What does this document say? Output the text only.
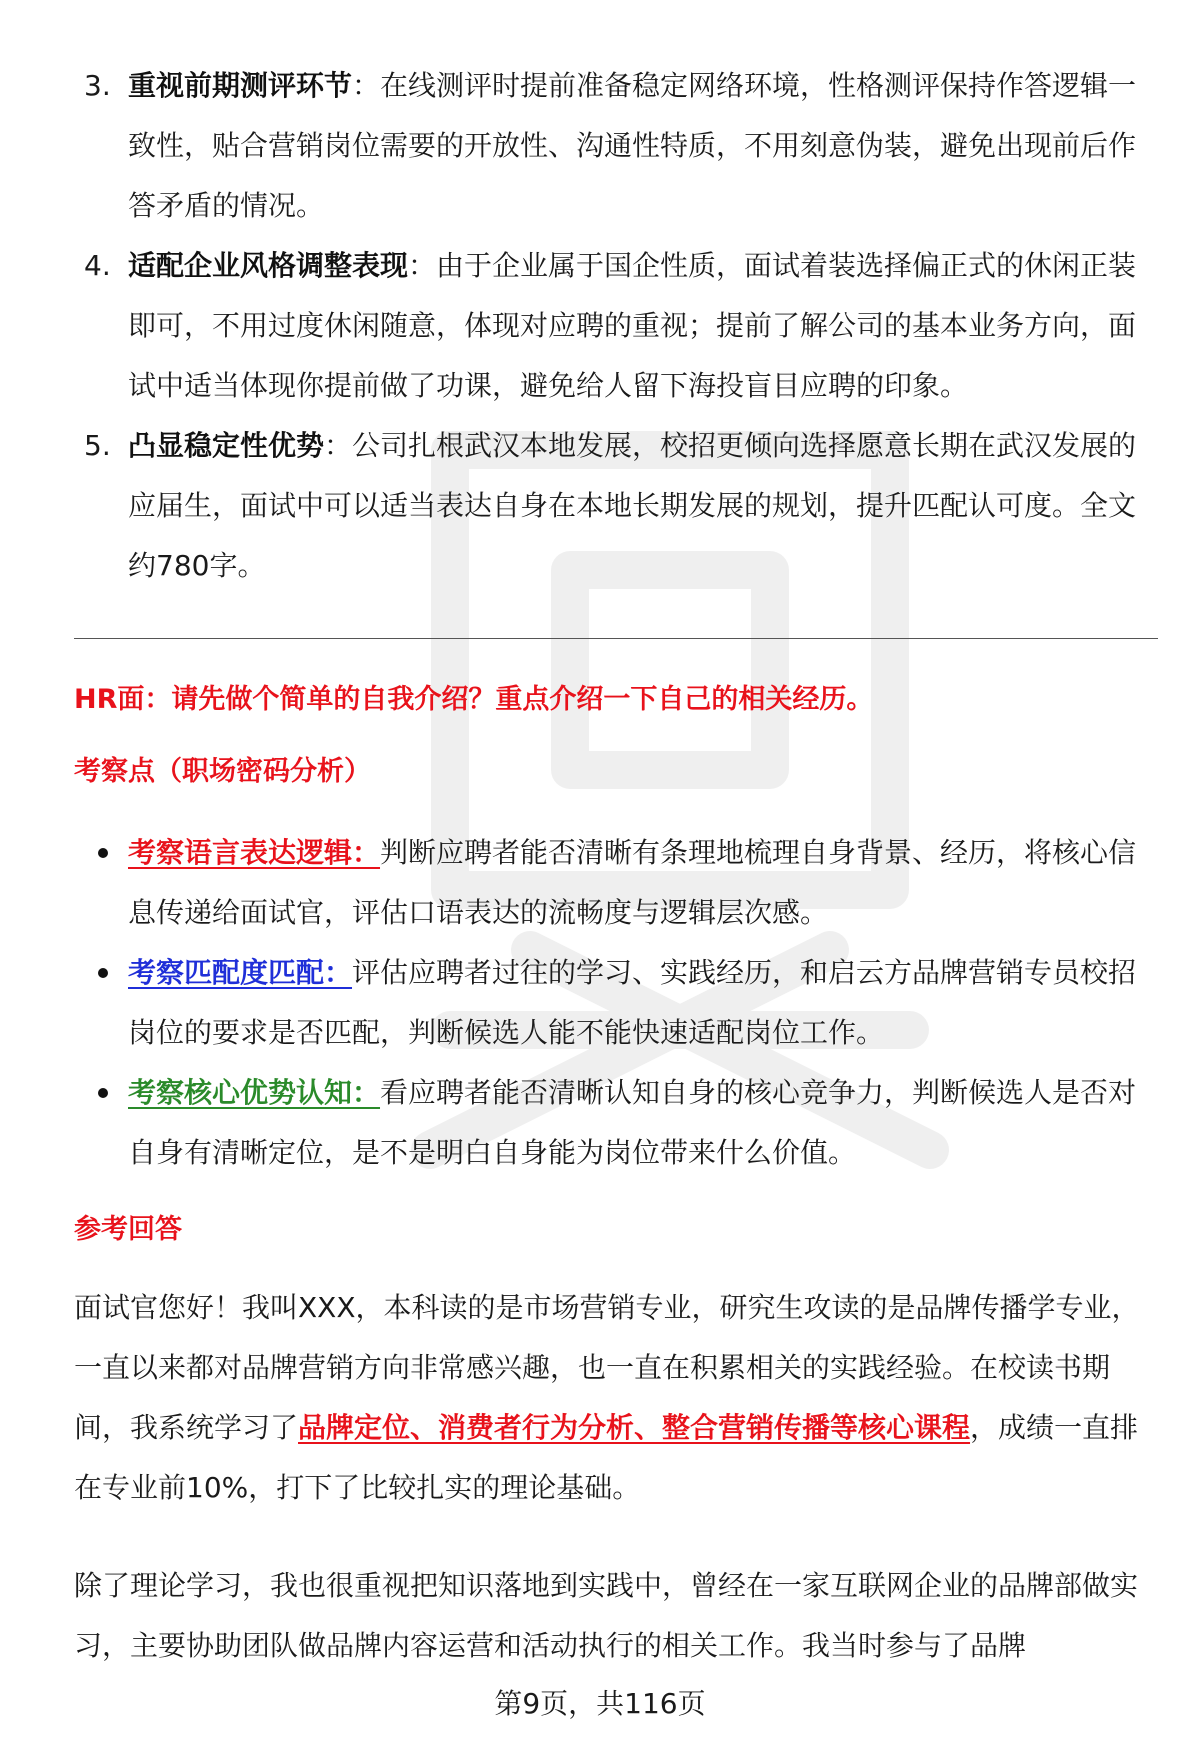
3. 重视前期测评环节：在线测评时提前准备稳定网络环境，性格测评保持作答逻辑一致性，贴合营销岗位需要的开放性、沟通性特质，不用刻意伪装，避免出现前后作答矛盾的情况。
4. 适配企业风格调整表现：由于企业属于国企性质，面试着装选择偏正式的休闲正装即可，不用过度休闲随意，体现对应聘的重视；提前了解公司的基本业务方向，面试中适当体现你提前做了功课，避免给人留下海投盲目应聘的印象。
5. 凸显稳定性优势：公司扎根武汉本地发展，校招更倾向选择愿意长期在武汉发展的应届生，面试中可以适当表达自身在本地长期发展的规划，提升匹配认可度。全文约780字。

HR面：请先做个简单的自我介绍？重点介绍一下自己的相关经历。

考察点（职场密码分析）

考察语言表达逻辑：判断应聘者能否清晰有条理地梳理自身背景、经历，将核心信息传递给面试官，评估口语表达的流畅度与逻辑层次感。
考察匹配度匹配：评估应聘者过往的学习、实践经历，和启云方品牌营销专员校招岗位的要求是否匹配，判断候选人能不能快速适配岗位工作。
考察核心优势认知：看应聘者能否清晰认知自身的核心竞争力，判断候选人是否对自身有清晰定位，是不是明白自身能为岗位带来什么价值。

参考回答

面试官您好！我叫XXX，本科读的是市场营销专业，研究生攻读的是品牌传播学专业，一直以来都对品牌营销方向非常感兴趣，也一直在积累相关的实践经验。在校读书期间，我系统学习了品牌定位、消费者行为分析、整合营销传播等核心课程，成绩一直排在专业前10%，打下了比较扎实的理论基础。

除了理论学习，我也很重视把知识落地到实践中，曾经在一家互联网企业的品牌部做实习，主要协助团队做品牌内容运营和活动执行的相关工作。我当时参与了品牌

第9页，共116页
